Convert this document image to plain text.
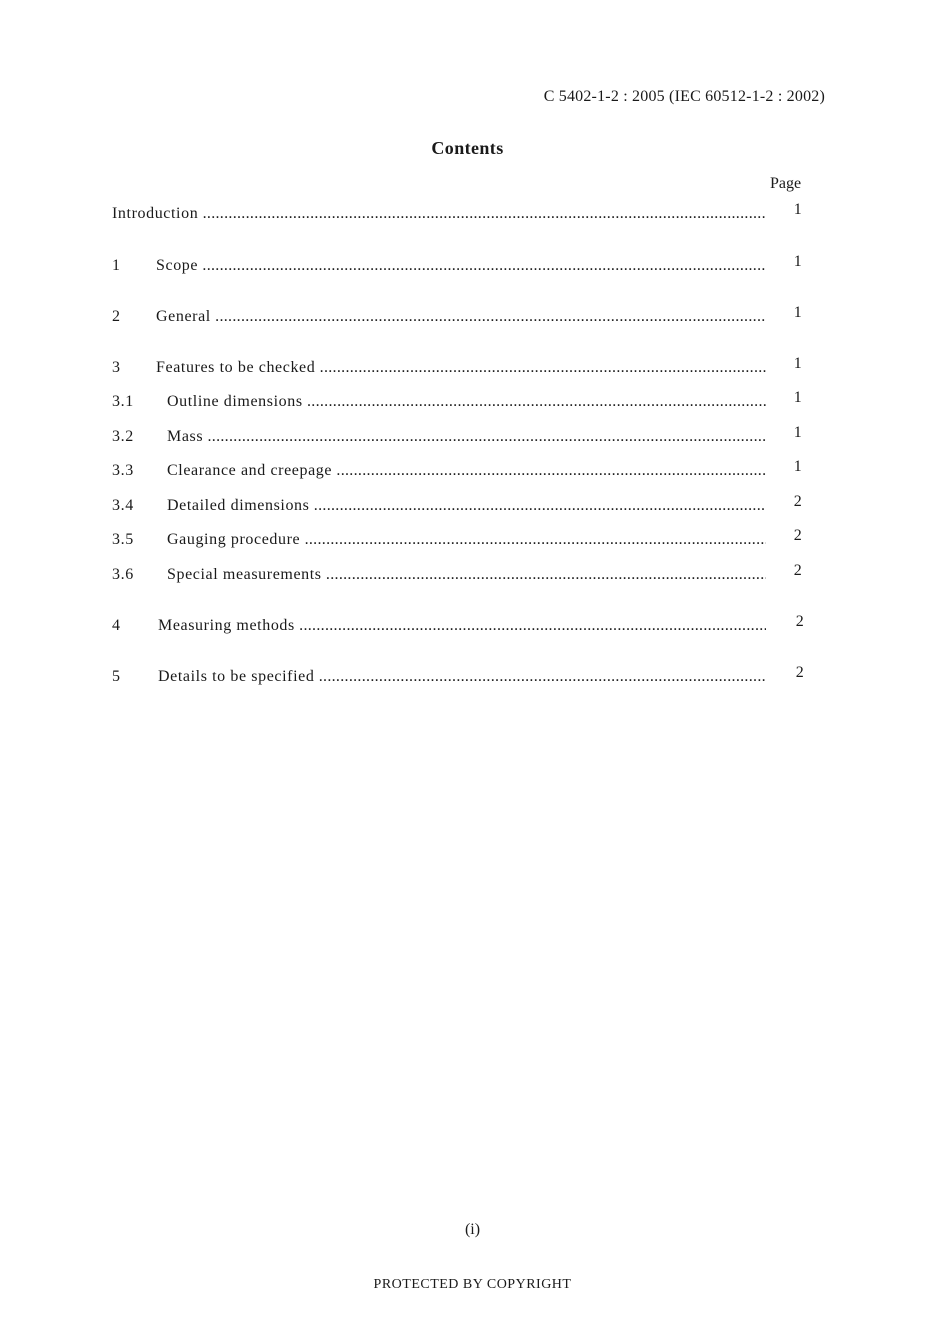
C 5402-1-2 : 2005 (IEC 60512-1-2 : 2002)
Contents
Page
Introduction .....	1
1 Scope .....	1
2 General .....	1
3 Features to be checked .....	1
3.1 Outline dimensions .....	1
3.2 Mass .....	1
3.3 Clearance and creepage .....	1
3.4 Detailed dimensions .....	2
3.5 Gauging procedure .....	2
3.6 Special measurements .....	2
4 Measuring methods .....	2
5 Details to be specified .....	2
(i)
PROTECTED BY COPYRIGHT
